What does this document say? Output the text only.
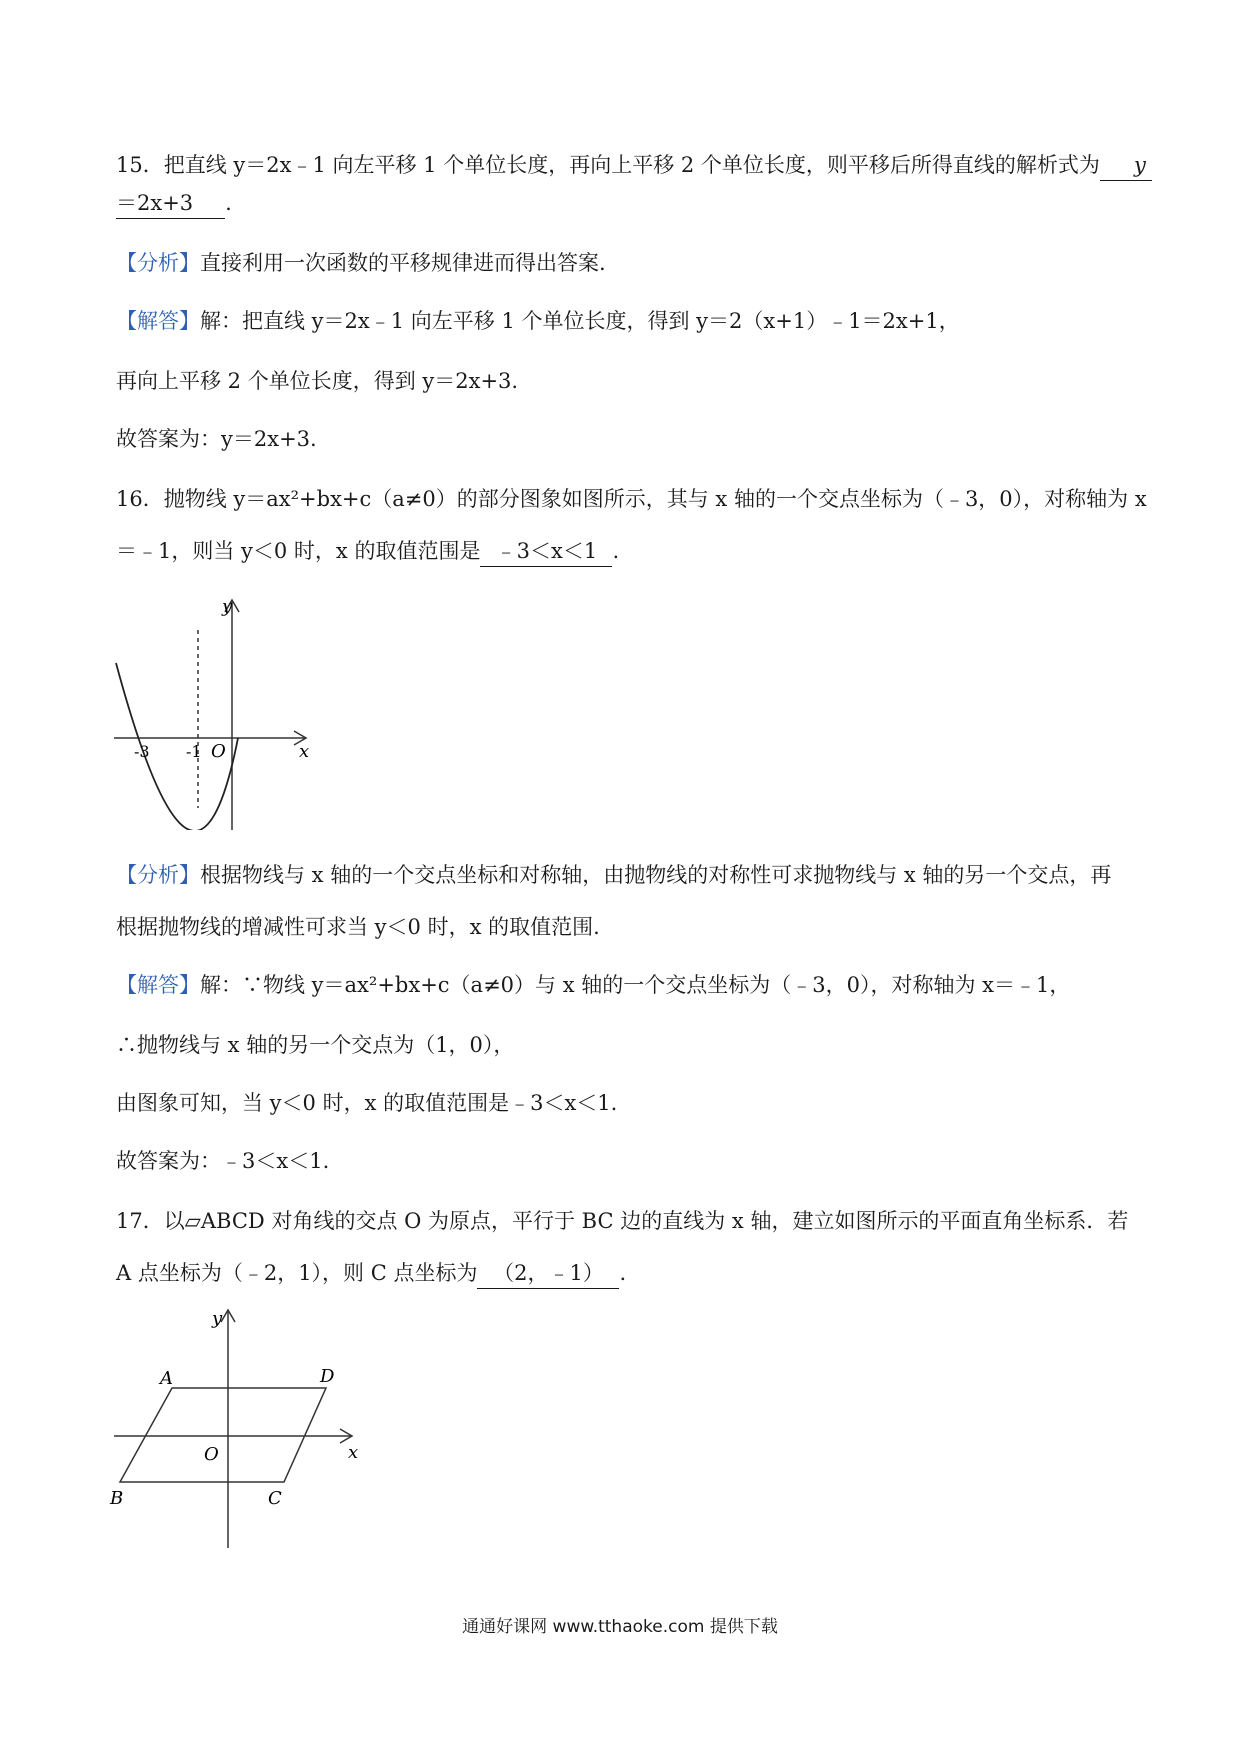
15．把直线 y＝2x﹣1 向左平移 1 个单位长度，再向上平移 2 个单位长度，则平移后所得直线的解析式为 y
＝2x+3 .
【分析】直接利用一次函数的平移规律进而得出答案.
【解答】解：把直线 y＝2x﹣1 向左平移 1 个单位长度，得到 y＝2（x+1）﹣1＝2x+1，
再向上平移 2 个单位长度，得到 y＝2x+3.
故答案为：y＝2x+3.
16．抛物线 y＝ax²+bx+c（a≠0）的部分图象如图所示，其与 x 轴的一个交点坐标为（﹣3，0），对称轴为 x
＝﹣1，则当 y＜0 时，x 的取值范围是 ﹣3＜x＜1 .
y
x
O
-3 -1
【分析】根据物线与 x 轴的一个交点坐标和对称轴，由抛物线的对称性可求抛物线与 x 轴的另一个交点，再
根据抛物线的增减性可求当 y＜0 时，x 的取值范围.
【解答】解：∵物线 y＝ax²+bx+c（a≠0）与 x 轴的一个交点坐标为（﹣3，0），对称轴为 x＝﹣1，
∴抛物线与 x 轴的另一个交点为（1，0），
由图象可知，当 y＜0 时，x 的取值范围是﹣3＜x＜1.
故答案为：﹣3＜x＜1.
17．以▱ABCD 对角线的交点 O 为原点，平行于 BC 边的直线为 x 轴，建立如图所示的平面直角坐标系．若
A 点坐标为（﹣2，1），则 C 点坐标为 （2，﹣1） .
y
x
O
A	D
B	C
通通好课网 www.tthaoke.com 提供下载
